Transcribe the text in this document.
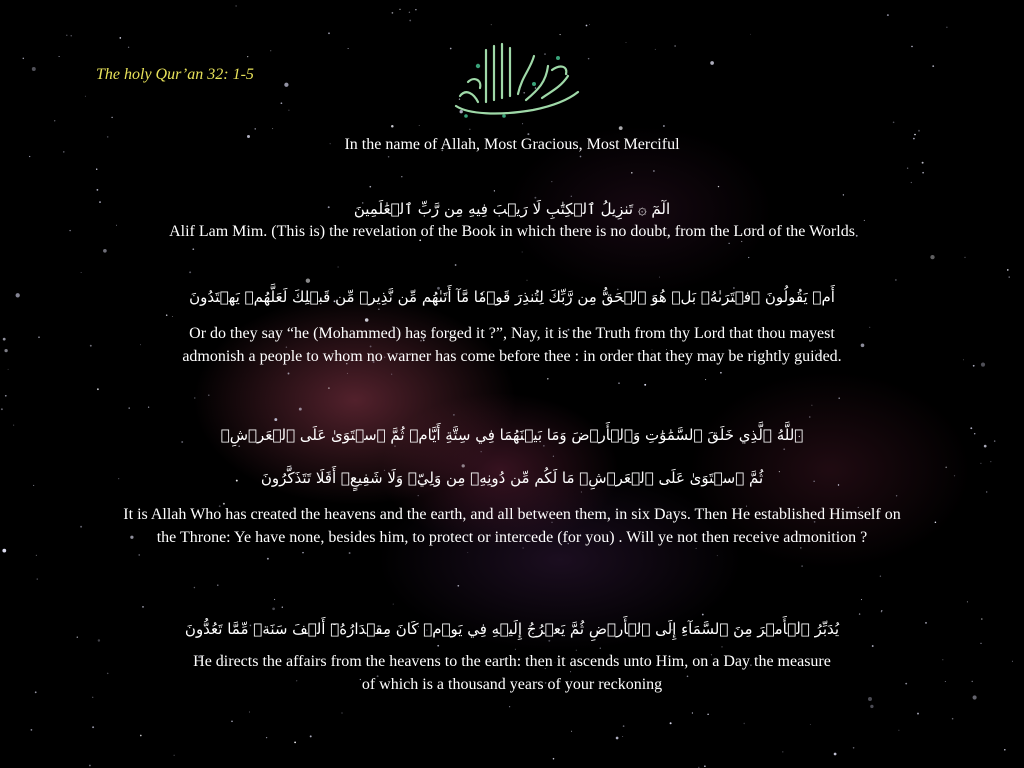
The holy Qur’an 32: 1-5

In the name of Allah, Most Gracious, Most Merciful

الٓمٓ ۞ تَنزِيلُ ٱلۡكِتَٰبِ لَا رَيۡبَ فِيهِ مِن رَّبِّ ٱلۡعَٰلَمِينَ

Alif Lam Mim. (This is) the revelation of the Book in which there is no doubt, from the Lord of the Worlds

أَمۡ يَقُولُونَ ٱفۡتَرَىٰهُۚ بَلۡ هُوَ ٱلۡحَقُّ مِن رَّبِّكَ لِتُنذِرَ قَوۡمٗا مَّآ أَتَىٰهُم مِّن نَّذِيرٖ مِّن قَبۡلِكَ لَعَلَّهُمۡ يَهۡتَدُونَ

Or do they say “he (Mohammed) has forged it ?”, Nay, it is the Truth from thy Lord that thou mayest

admonish a people to whom no warner has come before thee : in order that they may be rightly guided.

ٱللَّهُ ٱلَّذِي خَلَقَ ٱلسَّمَٰوَٰتِ وَٱلۡأَرۡضَ وَمَا بَيۡنَهُمَا فِي سِتَّةِ أَيَّامٖ ثُمَّ ٱسۡتَوَىٰ عَلَى ٱلۡعَرۡشِۖ

ثُمَّ ٱسۡتَوَىٰ عَلَى ٱلۡعَرۡشِۖ مَا لَكُم مِّن دُونِهِۦ مِن وَلِيّٖ وَلَا شَفِيعٍۚ أَفَلَا تَتَذَكَّرُونَ

It is Allah Who has created the heavens and the earth, and all between them, in six Days. Then He established Himself on

the Throne: Ye have none, besides him, to protect or intercede (for you) . Will ye not then receive admonition ?

يُدَبِّرُ ٱلۡأَمۡرَ مِنَ ٱلسَّمَآءِ إِلَى ٱلۡأَرۡضِ ثُمَّ يَعۡرُجُ إِلَيۡهِ فِي يَوۡمٖ كَانَ مِقۡدَارُهُۥٓ أَلۡفَ سَنَةٖ مِّمَّا تَعُدُّونَ

He directs the affairs from the heavens to the earth: then it ascends unto Him, on a Day the measure

of which is a thousand years of your reckoning
